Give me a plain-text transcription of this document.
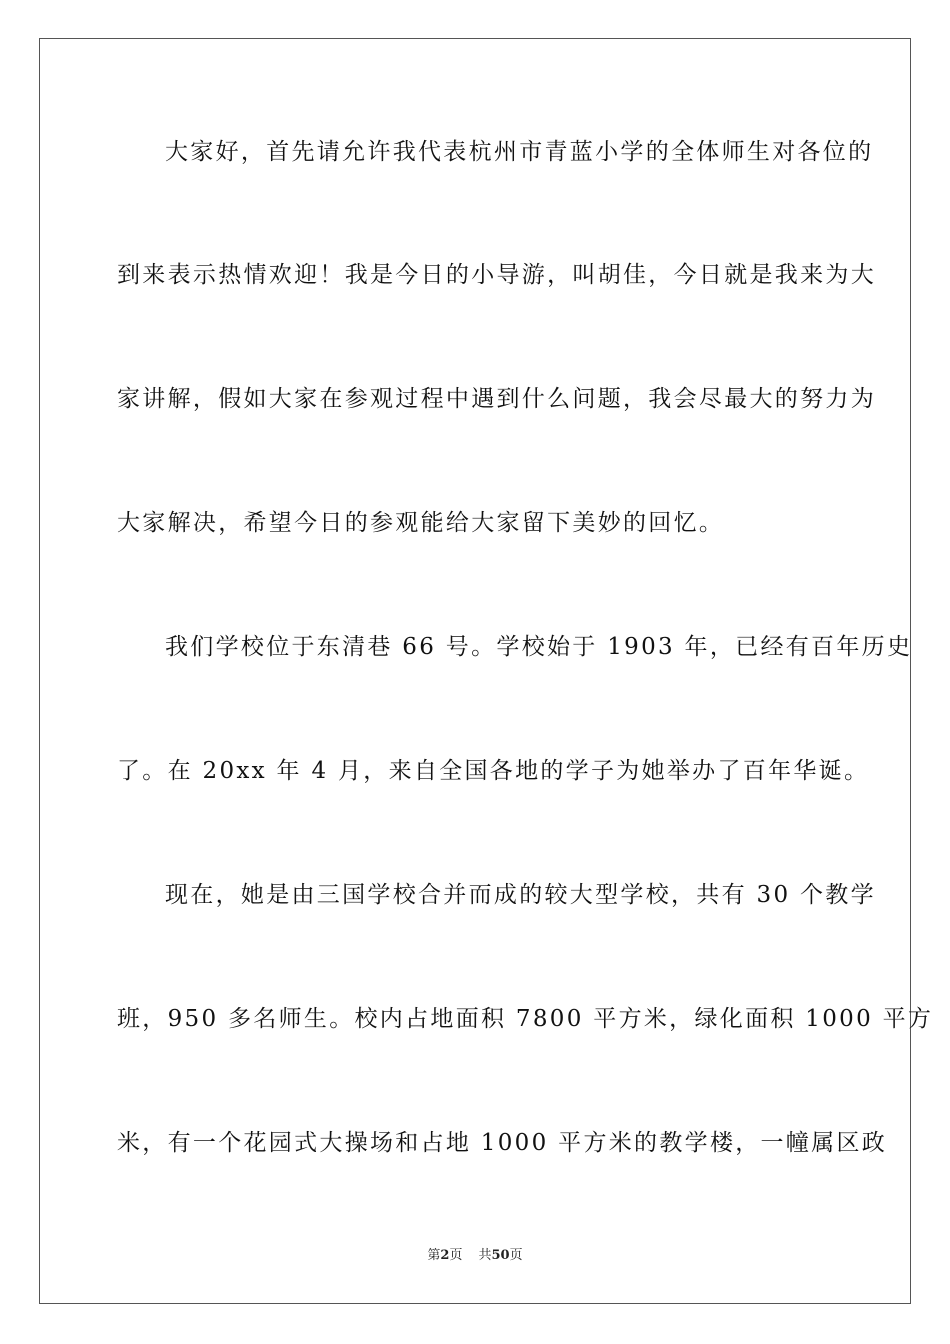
大家好，首先请允许我代表杭州市青蓝小学的全体师生对各位的
到来表示热情欢迎！我是今日的小导游，叫胡佳，今日就是我来为大
家讲解，假如大家在参观过程中遇到什么问题，我会尽最大的努力为
大家解决，希望今日的参观能给大家留下美妙的回忆。
我们学校位于东清巷 66 号。学校始于 1903 年，已经有百年历史
了。在 20xx 年 4 月，来自全国各地的学子为她举办了百年华诞。
现在，她是由三国学校合并而成的较大型学校，共有 30 个教学
班，950 多名师生。校内占地面积 7800 平方米，绿化面积 1000 平方
米，有一个花园式大操场和占地 1000 平方米的教学楼，一幢属区政
第2页 共50页
